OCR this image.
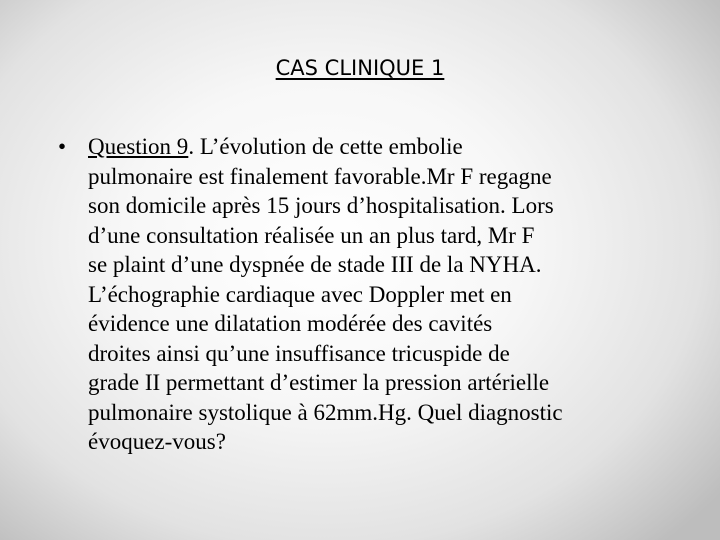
CAS CLINIQUE 1
• Question 9. L’évolution de cette embolie
pulmonaire est finalement favorable.Mr F regagne
son domicile après 15 jours d’hospitalisation. Lors
d’une consultation réalisée un an plus tard, Mr F
se plaint d’une dyspnée de stade III de la NYHA.
L’échographie cardiaque avec Doppler met en
évidence une dilatation modérée des cavités
droites ainsi qu’une insuffisance tricuspide de
grade II permettant d’estimer la pression artérielle
pulmonaire systolique à 62mm.Hg. Quel diagnostic
évoquez-vous?
